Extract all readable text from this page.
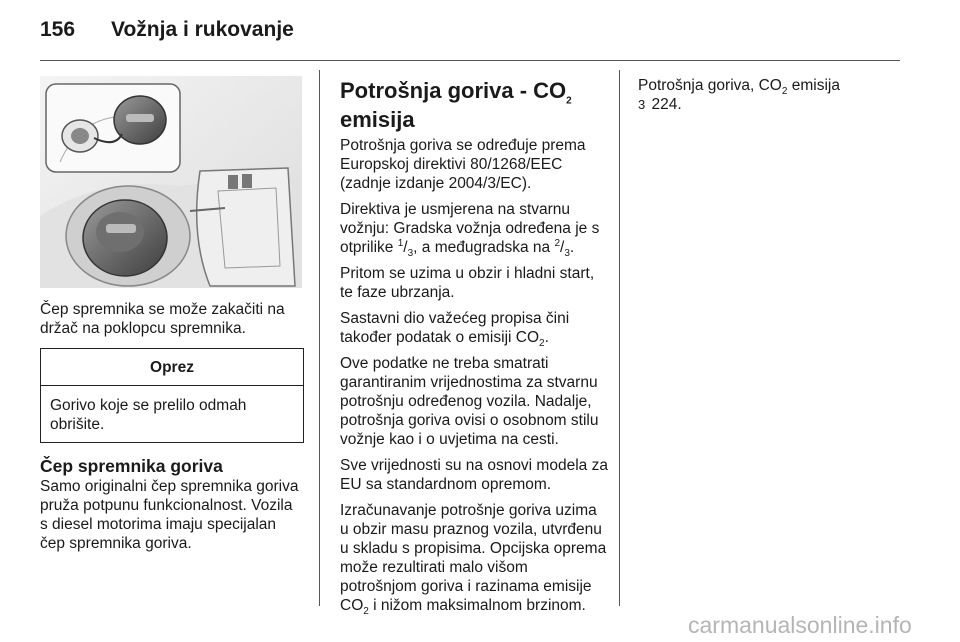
156 Vožnja i rukovanje

Čep spremnika se može zakačiti na držač na poklopcu spremnika.

Oprez
Gorivo koje se prelilo odmah obrišite.
Čep spremnika goriva

Samo originalni čep spremnika goriva pruža potpunu funkcionalnost. Vozila s diesel motorima imaju specijalan čep spremnika goriva.

Potrošnja goriva - $CO_2$
emisija

Potrošnja goriva se određuje prema Europskoj direktivi 80/1268/EEC (zadnje izdanje 2004/3/EC).

Direktiva je usmjerena na stvarnu vožnju: Gradska vožnja određena je s otprilike $^1/_3$, a međugradska na $^2/_3$.

Pritom se uzima u obzir i hladni start, te faze ubrzanja.

Sastavni dio važećeg propisa čini također podatak o emisiji $CO_2$.

Ove podatke ne treba smatrati garantiranim vrijednostima za stvarnu potrošnju određenog vozila. Nadalje, potrošnja goriva ovisi o osobnom stilu vožnje kao i o uvjetima na cesti.

Sve vrijednosti su na osnovi modela za EU sa standardnom opremom.

Izračunavanje potrošnje goriva uzima u obzir masu praznog vozila, utvrđenu u skladu s propisima. Opcijska oprema može rezultirati malo višom potrošnjom goriva i razinama emisije $CO_2$ i nižom maksimalnom brzinom.

Potrošnja goriva, $CO_2$ emisija
3 224.

carmanualsonline.info
